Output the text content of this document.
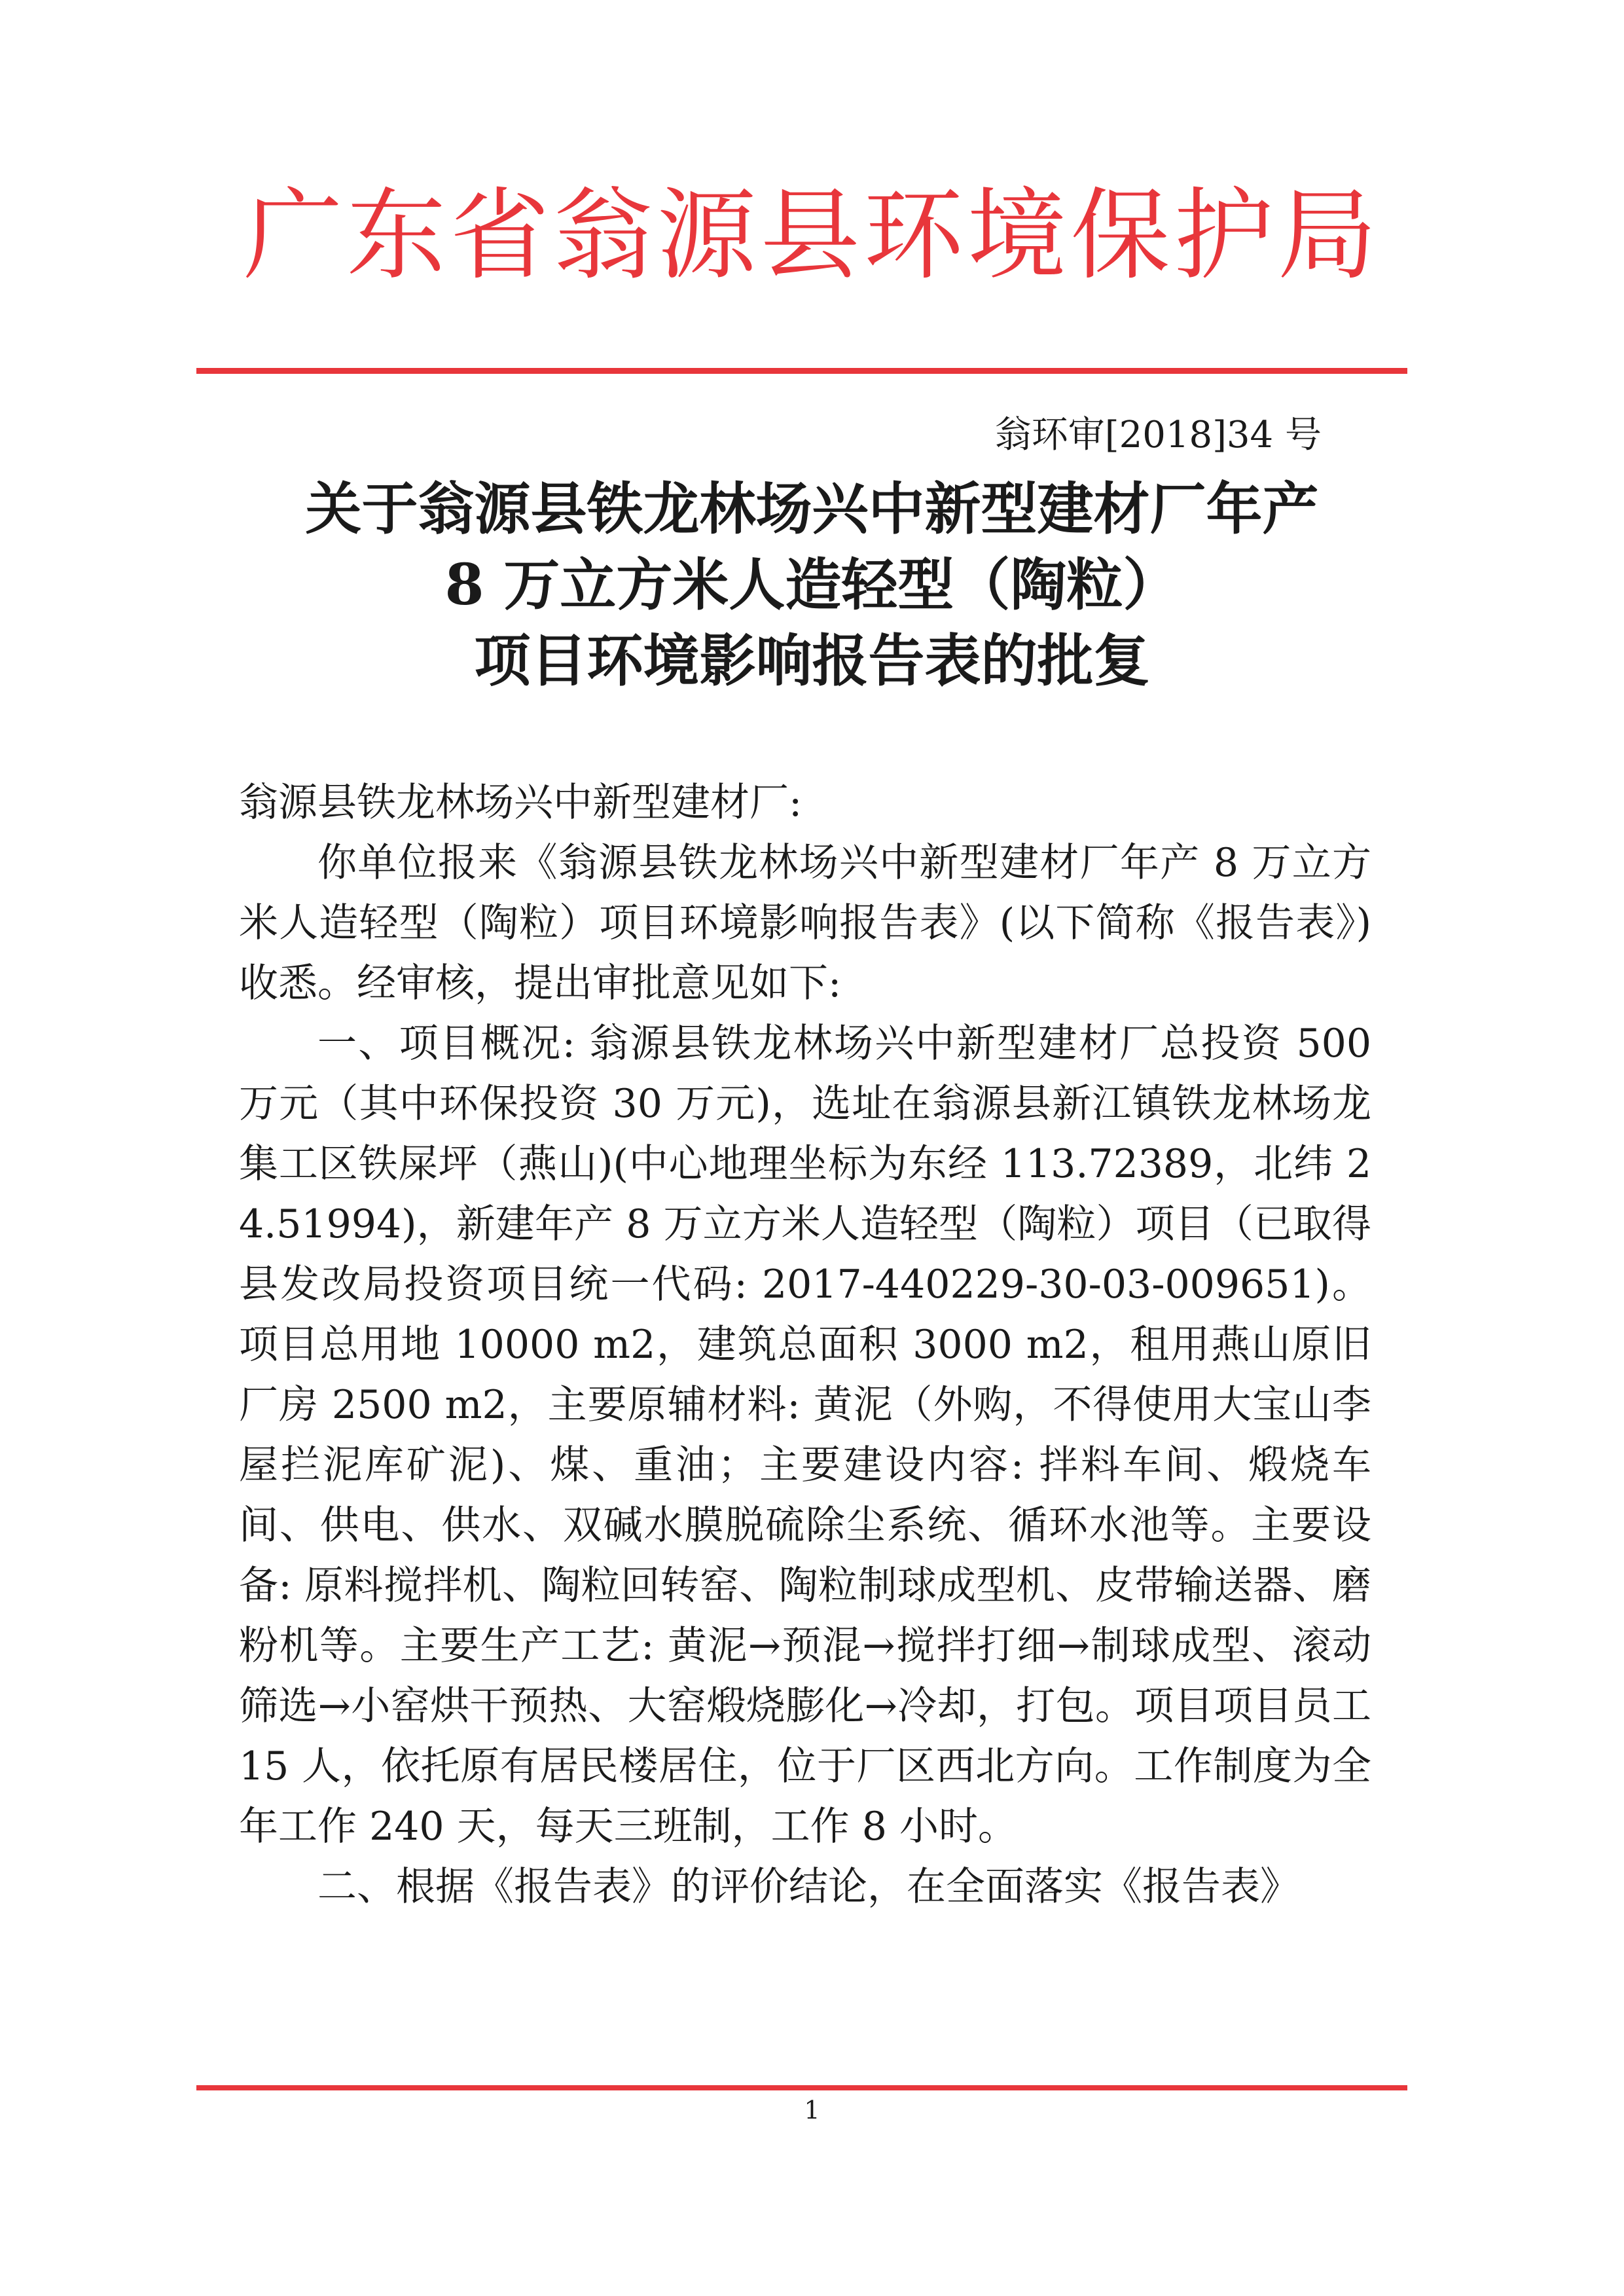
广东省翁源县环境保护局
翁环审[2018]34 号
关于翁源县铁龙林场兴中新型建材厂年产
8 万立方米人造轻型（陶粒）
项目环境影响报告表的批复

翁源县铁龙林场兴中新型建材厂:

你单位报来《翁源县铁龙林场兴中新型建材厂年产 8 万立方米人造轻型（陶粒）项目环境影响报告表》(以下简称《报告表》)收悉。经审核，提出审批意见如下:

一、项目概况: 翁源县铁龙林场兴中新型建材厂总投资 500 万元（其中环保投资 30 万元)，选址在翁源县新江镇铁龙林场龙集工区铁屎坪（燕山)(中心地理坐标为东经 113.72389，北纬 24.51994)，新建年产 8 万立方米人造轻型（陶粒）项目（已取得县发改局投资项目统一代码: 2017-440229-30-03-009651)。项目总用地 10000 m2，建筑总面积 3000 m2，租用燕山原旧厂房 2500 m2，主要原辅材料: 黄泥（外购，不得使用大宝山李屋拦泥库矿泥)、煤、重油；主要建设内容: 拌料车间、煅烧车间、供电、供水、双碱水膜脱硫除尘系统、循环水池等。主要设备: 原料搅拌机、陶粒回转窑、陶粒制球成型机、皮带输送器、磨粉机等。主要生产工艺: 黄泥→预混→搅拌打细→制球成型、滚动筛选→小窑烘干预热、大窑煅烧膨化→冷却，打包。项目项目员工 15 人，依托原有居民楼居住，位于厂区西北方向。工作制度为全年工作 240 天，每天三班制，工作 8 小时。

二、根据《报告表》的评价结论，在全面落实《报告表》

1
